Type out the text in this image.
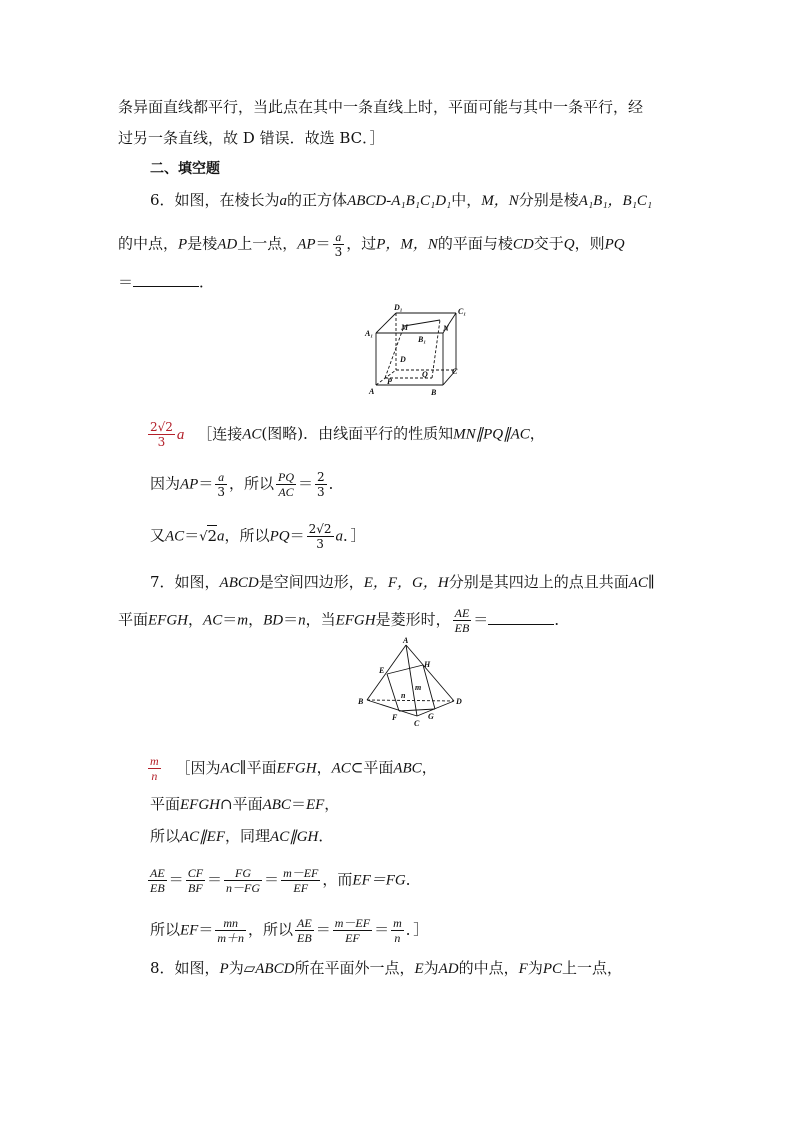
条异面直线都平行，当此点在其中一条直线上时，平面可能与其中一条平行，经
过另一条直线，故 D 错误．故选 BC．］
二、填空题
6．如图，在棱长为a的正方体ABCD-A₁B₁C₁D₁中，M，N分别是棱A₁B₁，B₁C₁
的中点，P是棱AD上一点，$AP= \frac{a}{3}$ ，过P，M，N的平面与棱CD交于Q，则PQ
＝	．
D₁	C₁
A₁
M	N
B₁
D
P
Q	C
A	B
$\frac{2√2}{3}$ a ［连接AC(图略)．由线面平行的性质知MN∥PQ∥AC，
因为$AP= \frac{a}{3}$ ，所以 $\frac{PQ}{AC} = \frac{2}{3}$ ．
又AC＝√2a，所以$PQ= \frac{2√2}{3}$ a．］
7．如图，ABCD是空间四边形，E，F，G，H分别是其四边上的点且共面AC∥
平面EFGH，AC＝m，BD＝n，当EFGH是菱形时， $\frac{AE}{EB}$ ＝	．
A
E
H
B	D
F	G
C
n
m
$\frac{m}{n}$ ［因为AC∥平面EFGH，AC⊂平面ABC，
平面EFGH∩平面ABC＝EF，
所以AC∥EF，同理AC∥GH．
$\frac{AE}{EB} = \frac{CF}{BF} = \frac{FG}{n-FG} = \frac{m-EF}{EF}$ ，而EF＝FG．
所以$EF= \frac{mn}{m+n}$ ，所以 $\frac{AE}{EB} = \frac{m-EF}{EF} = \frac{m}{n}$ ．］
8．如图，P为▱ABCD所在平面外一点，E为AD的中点，F为PC上一点，
